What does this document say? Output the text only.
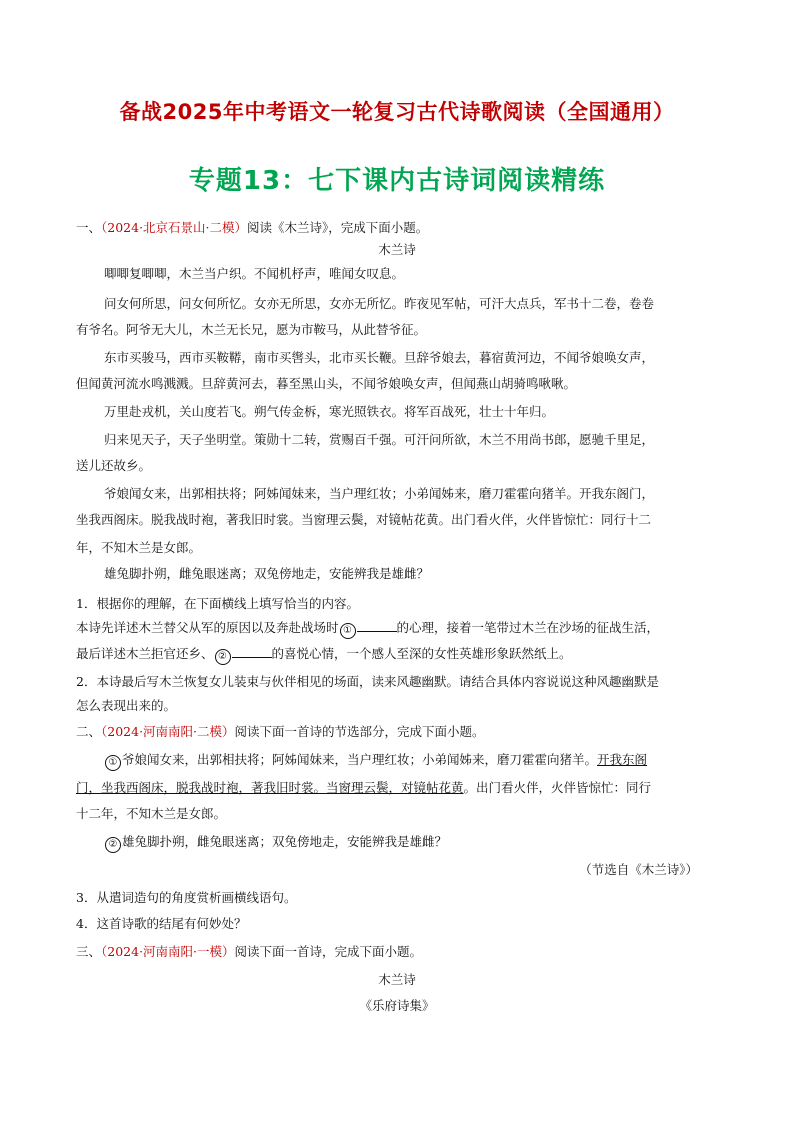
备战2025年中考语文一轮复习古代诗歌阅读（全国通用）
专题13：七下课内古诗词阅读精练
一、（2024·北京石景山·二模）阅读《木兰诗》，完成下面小题。
木兰诗
唧唧复唧唧，木兰当户织。不闻机杼声，唯闻女叹息。
问女何所思，问女何所忆。女亦无所思，女亦无所忆。昨夜见军帖，可汗大点兵，军书十二卷，卷卷
有爷名。阿爷无大儿，木兰无长兄，愿为市鞍马，从此替爷征。
东市买骏马，西市买鞍鞯，南市买辔头，北市买长鞭。旦辞爷娘去，暮宿黄河边，不闻爷娘唤女声，
但闻黄河流水鸣溅溅。旦辞黄河去，暮至黑山头，不闻爷娘唤女声，但闻燕山胡骑鸣啾啾。
万里赴戎机，关山度若飞。朔气传金柝，寒光照铁衣。将军百战死，壮士十年归。
归来见天子，天子坐明堂。策勋十二转，赏赐百千强。可汗问所欲，木兰不用尚书郎，愿驰千里足，
送儿还故乡。
爷娘闻女来，出郭相扶将；阿姊闻妹来，当户理红妆；小弟闻姊来，磨刀霍霍向猪羊。开我东阁门，
坐我西阁床。脱我战时袍，著我旧时裳。当窗理云鬓，对镜帖花黄。出门看火伴，火伴皆惊忙：同行十二
年，不知木兰是女郎。
雄兔脚扑朔，雌兔眼迷离；双兔傍地走，安能辨我是雄雌？
1．根据你的理解，在下面横线上填写恰当的内容。
本诗先详述木兰替父从军的原因以及奔赴战场时 ①	的心理，接着一笔带过木兰在沙场的征战生活，
最后详述木兰拒官还乡、 ②	的喜悦心情，一个感人至深的女性英雄形象跃然纸上。
2．本诗最后写木兰恢复女儿装束与伙伴相见的场面，读来风趣幽默。请结合具体内容说说这种风趣幽默是
怎么表现出来的。
二、（2024·河南南阳·二模）阅读下面一首诗的节选部分，完成下面小题。
① 爷娘闻女来，出郭相扶将；阿姊闻妹来，当户理红妆；小弟闻姊来，磨刀霍霍向猪羊。开我东阁
门，坐我西阁床，脱我战时袍，著我旧时裳。当窗理云鬓，对镜帖花黄。出门看火伴，火伴皆惊忙：同行
十二年，不知木兰是女郎。
② 雄兔脚扑朔，雌兔眼迷离；双兔傍地走，安能辨我是雄雌？
（节选自《木兰诗》）
3．从遣词造句的角度赏析画横线语句。
4．这首诗歌的结尾有何妙处？
三、（2024·河南南阳·一模）阅读下面一首诗，完成下面小题。
木兰诗
《乐府诗集》
